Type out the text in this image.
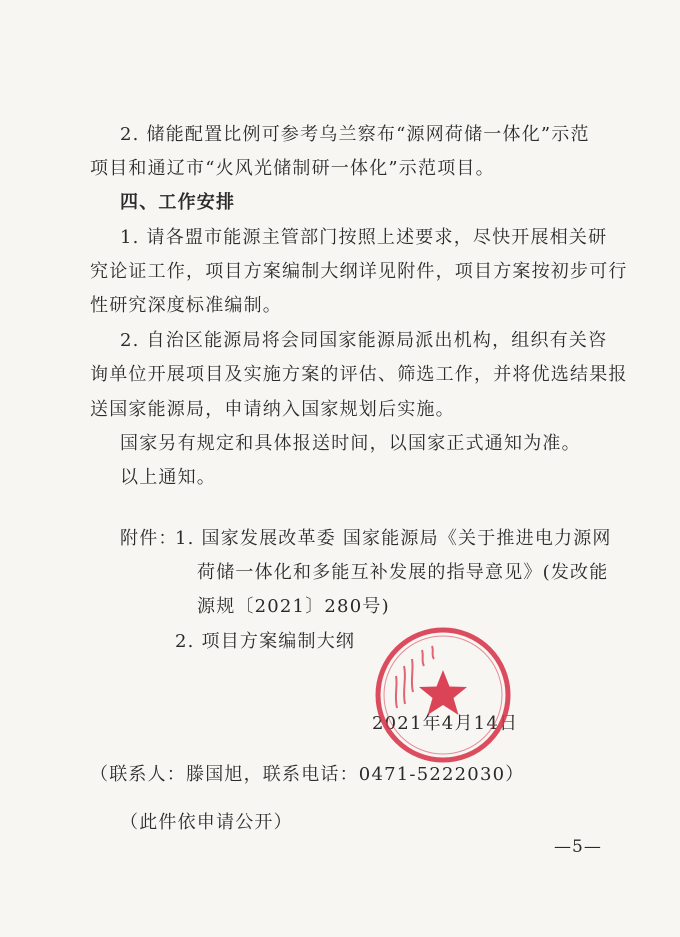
2. 储能配置比例可参考乌兰察布“源网荷储一体化”示范
项目和通辽市“火风光储制研一体化”示范项目。
四、工作安排
1. 请各盟市能源主管部门按照上述要求，尽快开展相关研
究论证工作，项目方案编制大纲详见附件，项目方案按初步可行
性研究深度标准编制。
2. 自治区能源局将会同国家能源局派出机构，组织有关咨
询单位开展项目及实施方案的评估、筛选工作，并将优选结果报
送国家能源局，申请纳入国家规划后实施。
国家另有规定和具体报送时间，以国家正式通知为准。
以上通知。
附件：
1. 国家发展改革委 国家能源局《关于推进电力源网
荷储一体化和多能互补发展的指导意见》(发改能
源规〔2021〕280号)
2. 项目方案编制大纲
2021年4月14日
（联系人：滕国旭，联系电话：0471-5222030）
（此件依申请公开）
—5—
